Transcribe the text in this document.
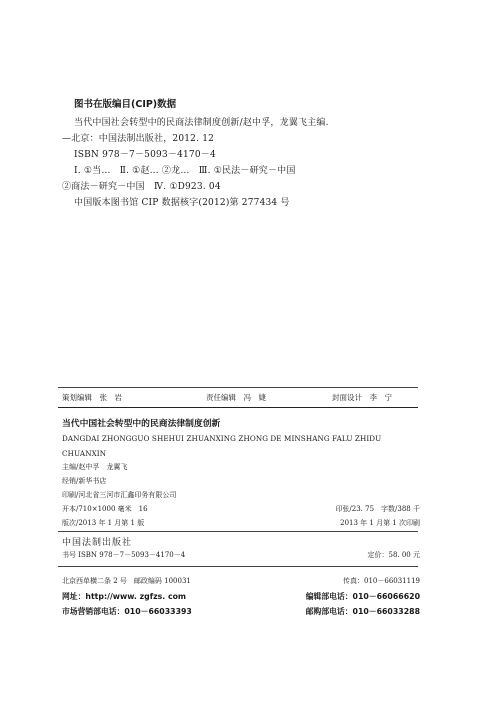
图书在版编目(CIP)数据
当代中国社会转型中的民商法律制度创新/赵中孚，龙翼飞主编.
—北京：中国法制出版社，2012. 12
ISBN 978－7－5093－4170－4
Ⅰ. ①当…　Ⅱ. ①赵… ②龙…　Ⅲ. ①民法－研究－中国
②商法－研究－中国　Ⅳ. ①D923. 04
中国版本图书馆 CIP 数据核字(2012)第 277434 号
策划编辑　张　岩	责任编辑　冯　婕	封面设计　李　宁
当代中国社会转型中的民商法律制度创新
DANGDAI ZHONGGUO SHEHUI ZHUANXING ZHONG DE MINSHANG FALU ZHIDU CHUANXIN
主编/赵中孚　龙翼飞
经销/新华书店
印刷/河北省三河市汇鑫印务有限公司
开本/710×1000 毫米　16	印张/23. 75　字数/388 千
版次/2013 年 1 月第 1 版	2013 年 1 月第 1 次印刷
中国法制出版社
书号 ISBN 978－7－5093－4170－4	定价：58. 00 元
北京西单横二条 2 号　邮政编码 100031	传真：010－66031119
网址：http://www. zgfzs. com	编辑部电话：010－66066620
市场营销部电话：010－66033393	邮购部电话：010－66033288
